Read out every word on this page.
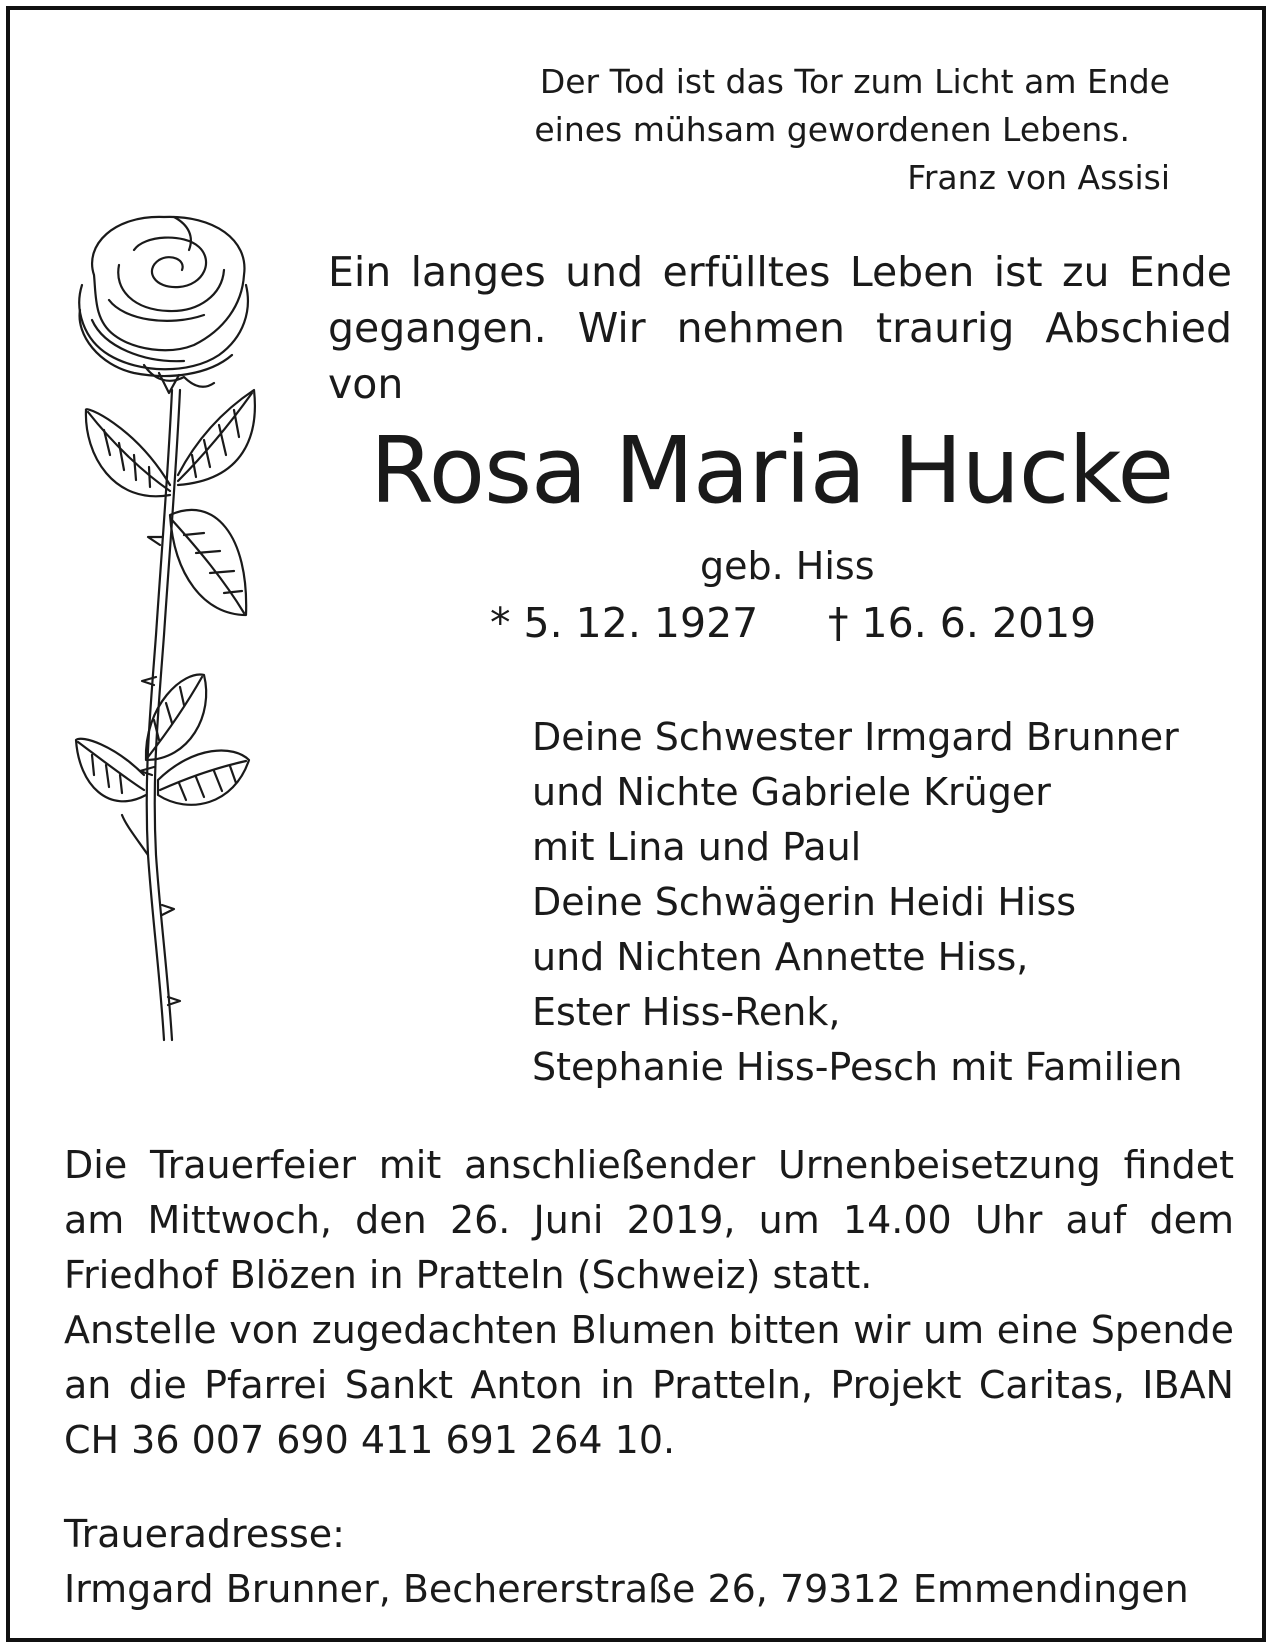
Der Tod ist das Tor zum Licht am Ende
eines mühsam gewordenen Lebens.
Franz von Assisi
Ein langes und erfülltes Leben ist zu Ende
gegangen. Wir nehmen traurig Abschied von
Rosa Maria Hucke
geb. Hiss
* 5. 12. 1927 † 16. 6. 2019
Deine Schwester Irmgard Brunner
und Nichte Gabriele Krüger
mit Lina und Paul
Deine Schwägerin Heidi Hiss
und Nichten Annette Hiss,
Ester Hiss-Renk,
Stephanie Hiss-Pesch mit Familien
Die Trauerfeier mit anschließender Urnenbeisetzung findet
am Mittwoch, den 26. Juni 2019, um 14.00 Uhr auf dem
Friedhof Blözen in Pratteln (Schweiz) statt.
Anstelle von zugedachten Blumen bitten wir um eine Spende
an die Pfarrei Sankt Anton in Pratteln, Projekt Caritas, IBAN
CH 36 007 690 411 691 264 10.
Traueradresse:
Irmgard Brunner, Bechererstraße 26, 79312 Emmendingen
